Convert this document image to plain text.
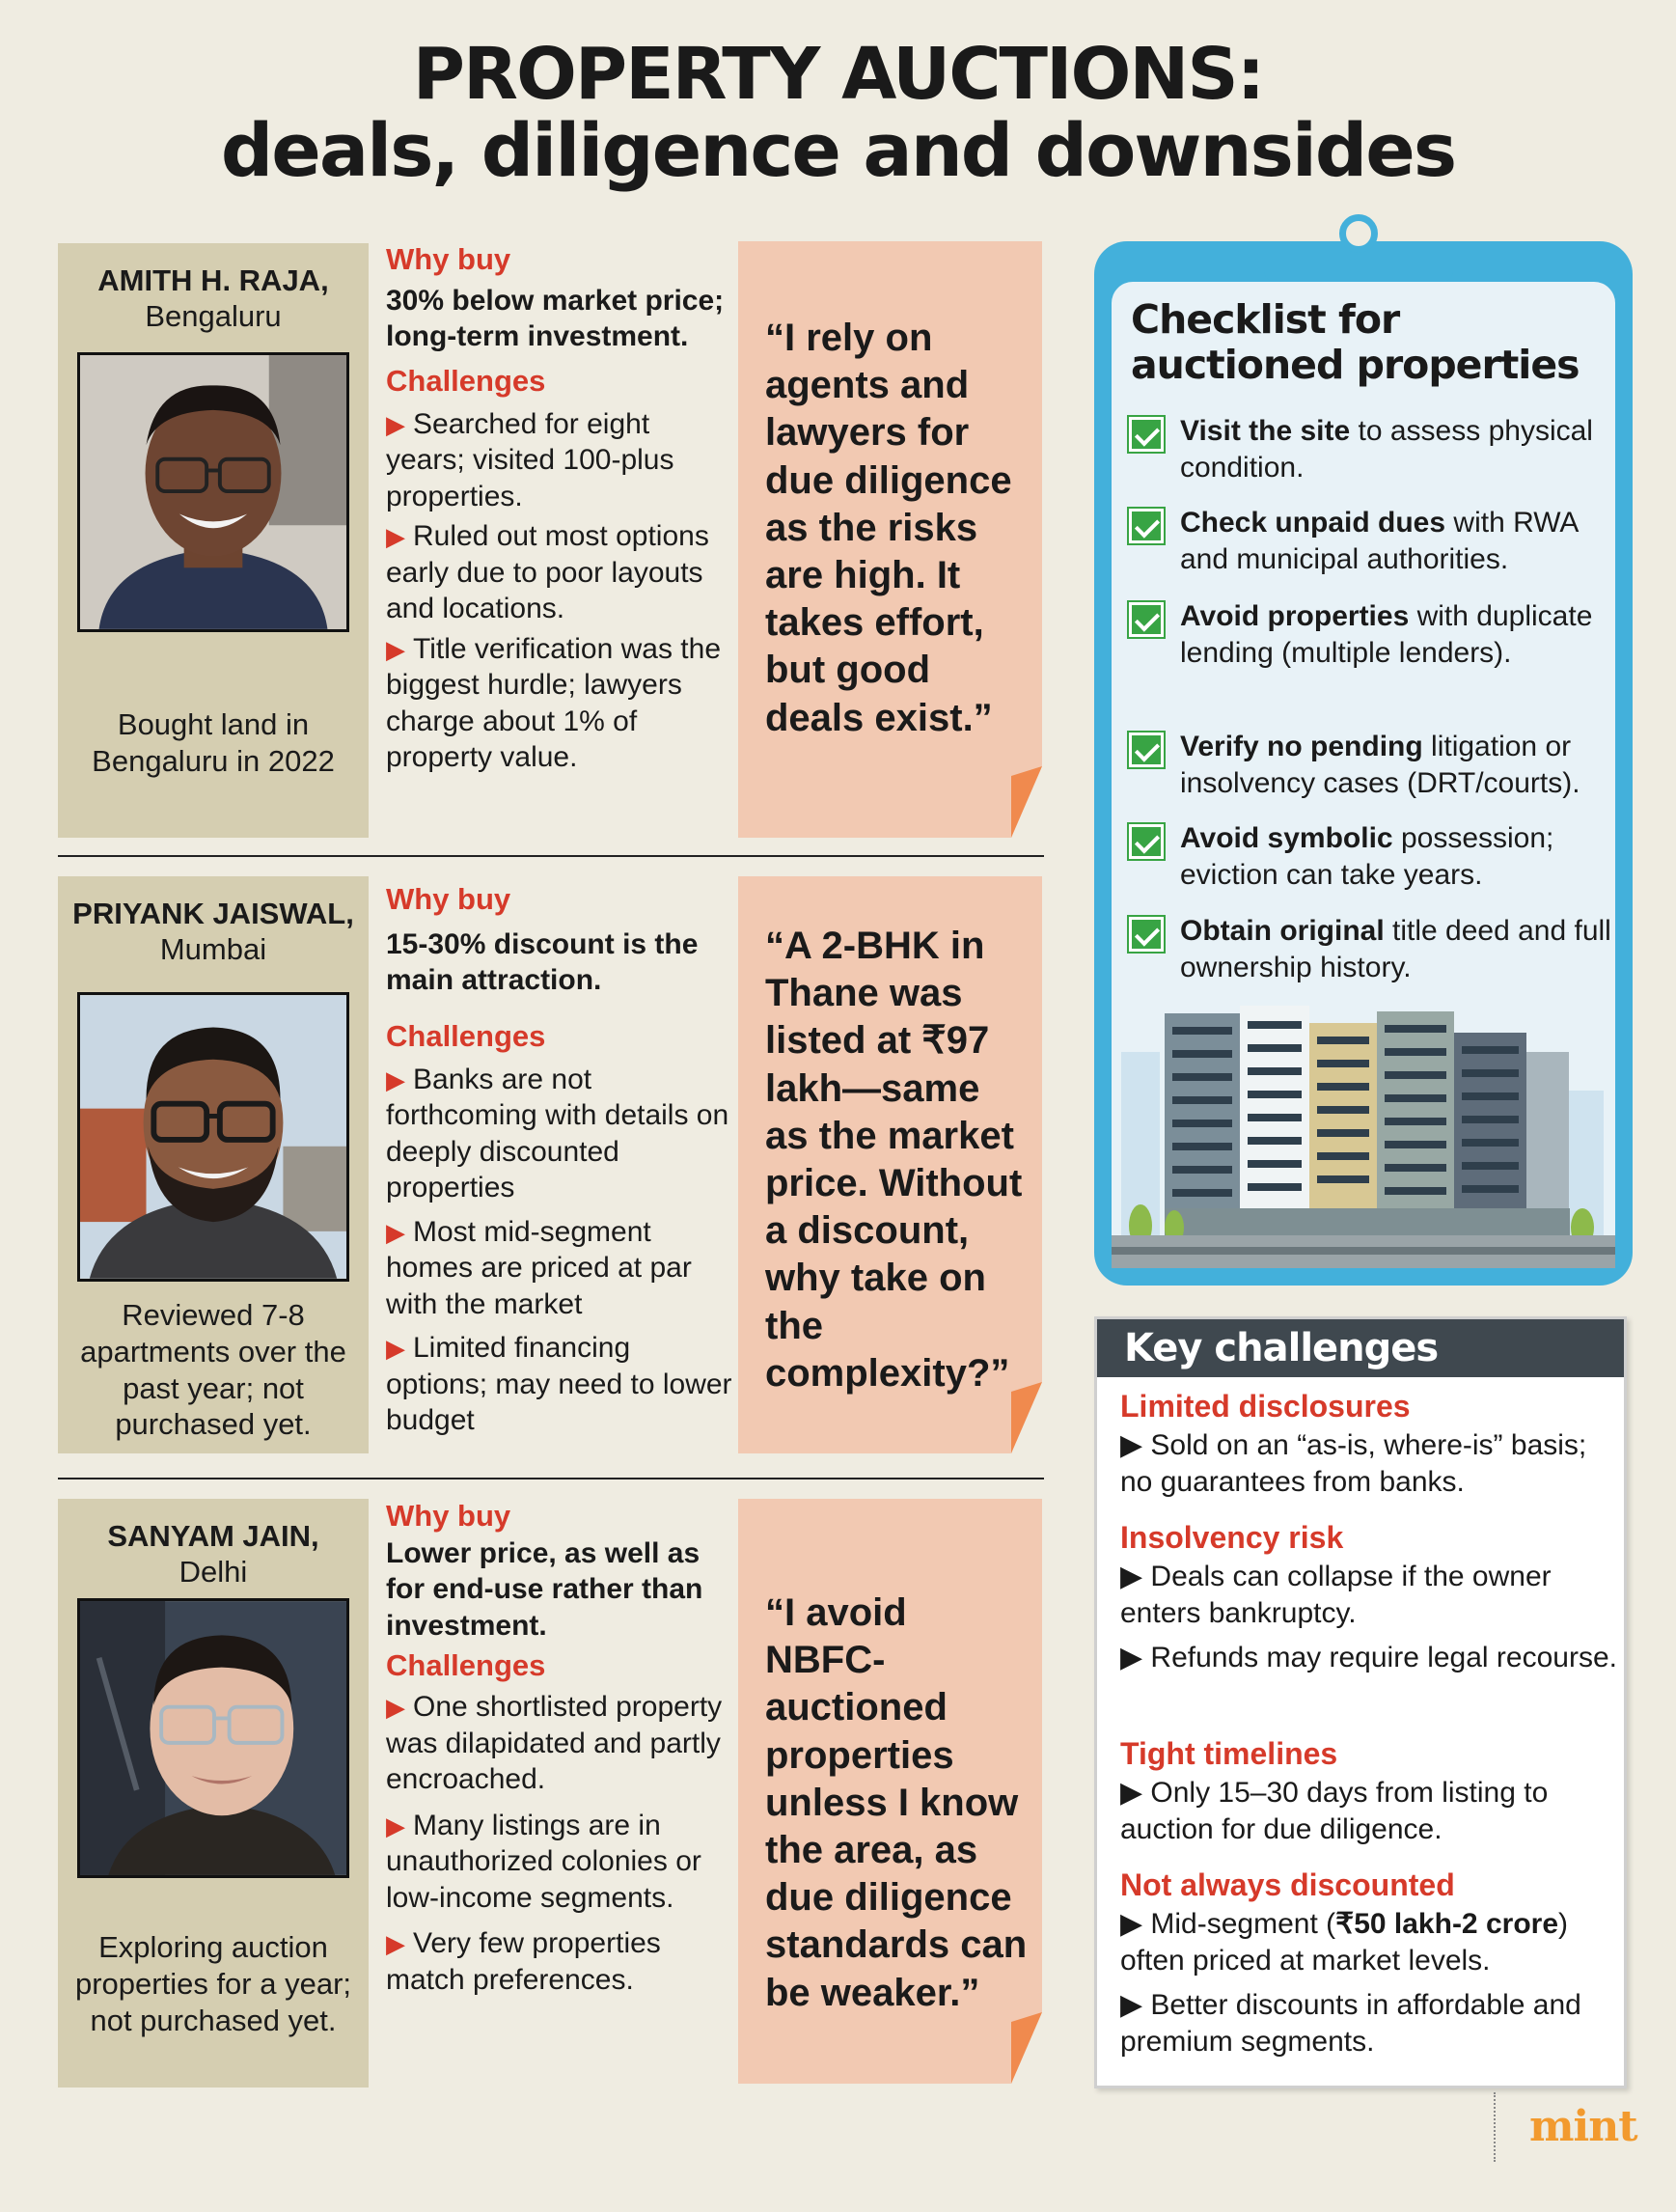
PROPERTY AUCTIONS:
deals, diligence and downsides
AMITH H. RAJA,
Bengaluru
Bought land in Bengaluru in 2022
Why buy
30% below market price; long-term investment.
Challenges
▶ Searched for eight years; visited 100-plus properties.
▶ Ruled out most options early due to poor layouts and locations.
▶ Title verification was the biggest hurdle; lawyers charge about 1% of property value.
“I rely on agents and lawyers for due diligence as the risks are high. It takes effort, but good deals exist.”
PRIYANK JAISWAL,
Mumbai
Reviewed 7-8 apartments over the past year; not purchased yet.
Why buy
15-30% discount is the main attraction.
Challenges
▶ Banks are not forthcoming with details on deeply discounted properties
▶ Most mid-segment homes are priced at par with the market
▶ Limited financing options; may need to lower budget
“A 2-BHK in Thane was listed at ₹97 lakh—same as the market price. Without a discount, why take on the complexity?”
SANYAM JAIN,
Delhi
Exploring auction properties for a year; not purchased yet.
Why buy
Lower price, as well as for end-use rather than investment.
Challenges
▶ One shortlisted property was dilapidated and partly encroached.
▶ Many listings are in unauthorized colonies or low-income segments.
▶ Very few properties match preferences.
“I avoid NBFC-auctioned properties unless I know the area, as due diligence standards can be weaker.”
Checklist for auctioned properties
Visit the site to assess physical condition.
Check unpaid dues with RWA and municipal authorities.
Avoid properties with duplicate lending (multiple lenders).
Verify no pending litigation or insolvency cases (DRT/courts).
Avoid symbolic possession; eviction can take years.
Obtain original title deed and full ownership history.
Key challenges
Limited disclosures
▶ Sold on an “as-is, where-is” basis; no guarantees from banks.
Insolvency risk
▶ Deals can collapse if the owner enters bankruptcy.
▶ Refunds may require legal recourse.
Tight timelines
▶ Only 15–30 days from listing to auction for due diligence.
Not always discounted
▶ Mid-segment (₹50 lakh-2 crore) often priced at market levels.
▶ Better discounts in affordable and premium segments.
mint
